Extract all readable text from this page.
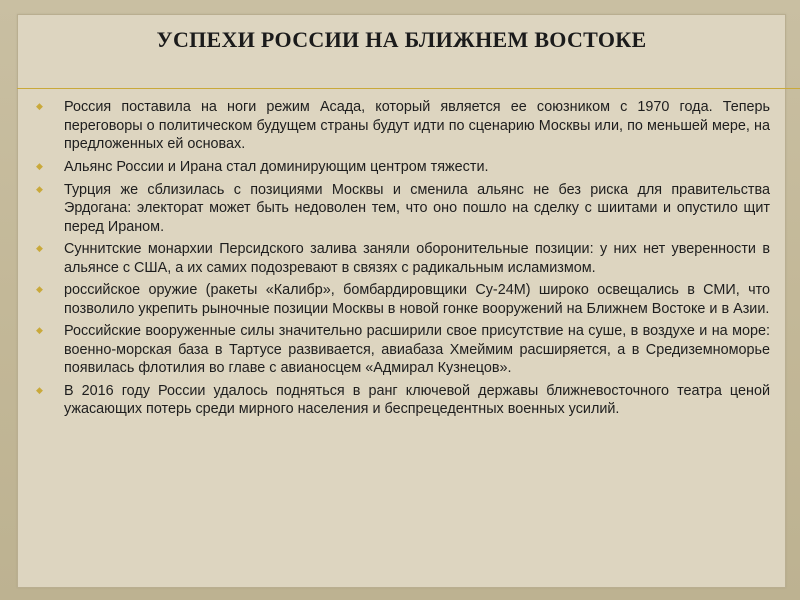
УСПЕХИ РОССИИ НА БЛИЖНЕМ ВОСТОКЕ
◆	Россия поставила на ноги режим Асада, который является ее союзником с 1970 года. Теперь переговоры о политическом будущем страны будут идти по сценарию Москвы или, по меньшей мере, на предложенных ей основах.
◆	Альянс России и Ирана стал доминирующим центром тяжести.
◆	Турция же сблизилась с позициями Москвы и сменила альянс не без риска для правительства Эрдогана: электорат может быть недоволен тем, что оно пошло на сделку с шиитами и опустило щит перед Ираном.
◆	Суннитские монархии Персидского залива заняли оборонительные позиции: у них нет уверенности в альянсе с США, а их самих подозревают в связях с радикальным исламизмом.
◆	российское оружие (ракеты «Калибр», бомбардировщики Су-24М) широко освещались в СМИ, что позволило укрепить рыночные позиции Москвы в новой гонке вооружений на Ближнем Востоке и в Азии.
◆	Российские вооруженные силы значительно расширили свое присутствие на суше, в воздухе и на море: военно-морская база в Тартусе развивается, авиабаза Хмеймим расширяется, а в Средиземноморье появилась флотилия во главе с авианосцем «Адмирал Кузнецов».
◆	В 2016 году России удалось подняться в ранг ключевой державы ближневосточного театра ценой ужасающих потерь среди мирного населения и беспрецедентных военных усилий.
